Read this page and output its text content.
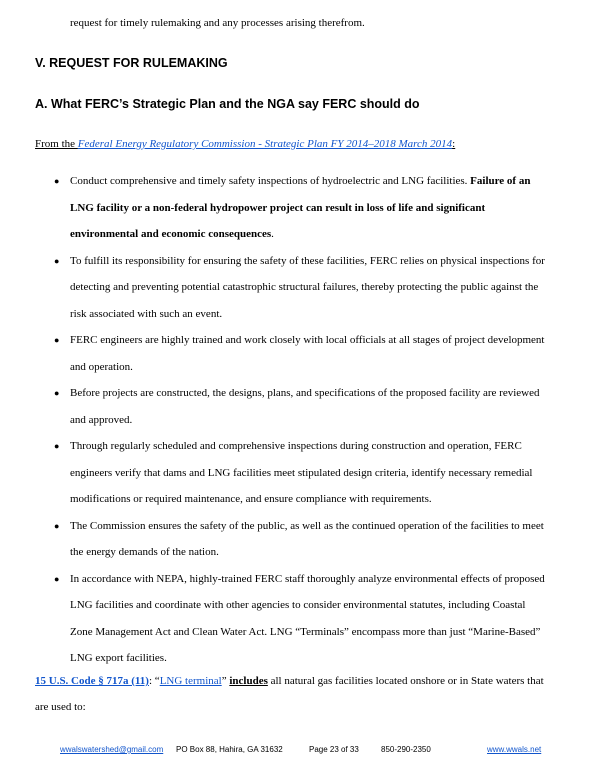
request for timely rulemaking and any processes arising therefrom.
V. REQUEST FOR RULEMAKING
A. What FERC’s Strategic Plan and the NGA say FERC should do
From the Federal Energy Regulatory Commission - Strategic Plan FY 2014–2018 March 2014:
● Conduct comprehensive and timely safety inspections of hydroelectric and LNG facilities. Failure of an LNG facility or a non-federal hydropower project can result in loss of life and significant environmental and economic consequences.
● To fulfill its responsibility for ensuring the safety of these facilities, FERC relies on physical inspections for detecting and preventing potential catastrophic structural failures, thereby protecting the public against the risk associated with such an event.
● FERC engineers are highly trained and work closely with local officials at all stages of project development and operation.
● Before projects are constructed, the designs, plans, and specifications of the proposed facility are reviewed and approved.
● Through regularly scheduled and comprehensive inspections during construction and operation, FERC engineers verify that dams and LNG facilities meet stipulated design criteria, identify necessary remedial modifications or required maintenance, and ensure compliance with requirements.
● The Commission ensures the safety of the public, as well as the continued operation of the facilities to meet the energy demands of the nation.
● In accordance with NEPA, highly-trained FERC staff thoroughly analyze environmental effects of proposed LNG facilities and coordinate with other agencies to consider environmental statutes, including Coastal Zone Management Act and Clean Water Act. LNG “Terminals” encompass more than just “Marine-Based” LNG export facilities.
15 U.S. Code § 717a (11): “LNG terminal” includes all natural gas facilities located onshore or in State waters that are used to:
wwalswatershed@gmail.com PO Box 88, Hahira, GA 31632	Page 23 of 33	850-290-2350	www.wwals.net
